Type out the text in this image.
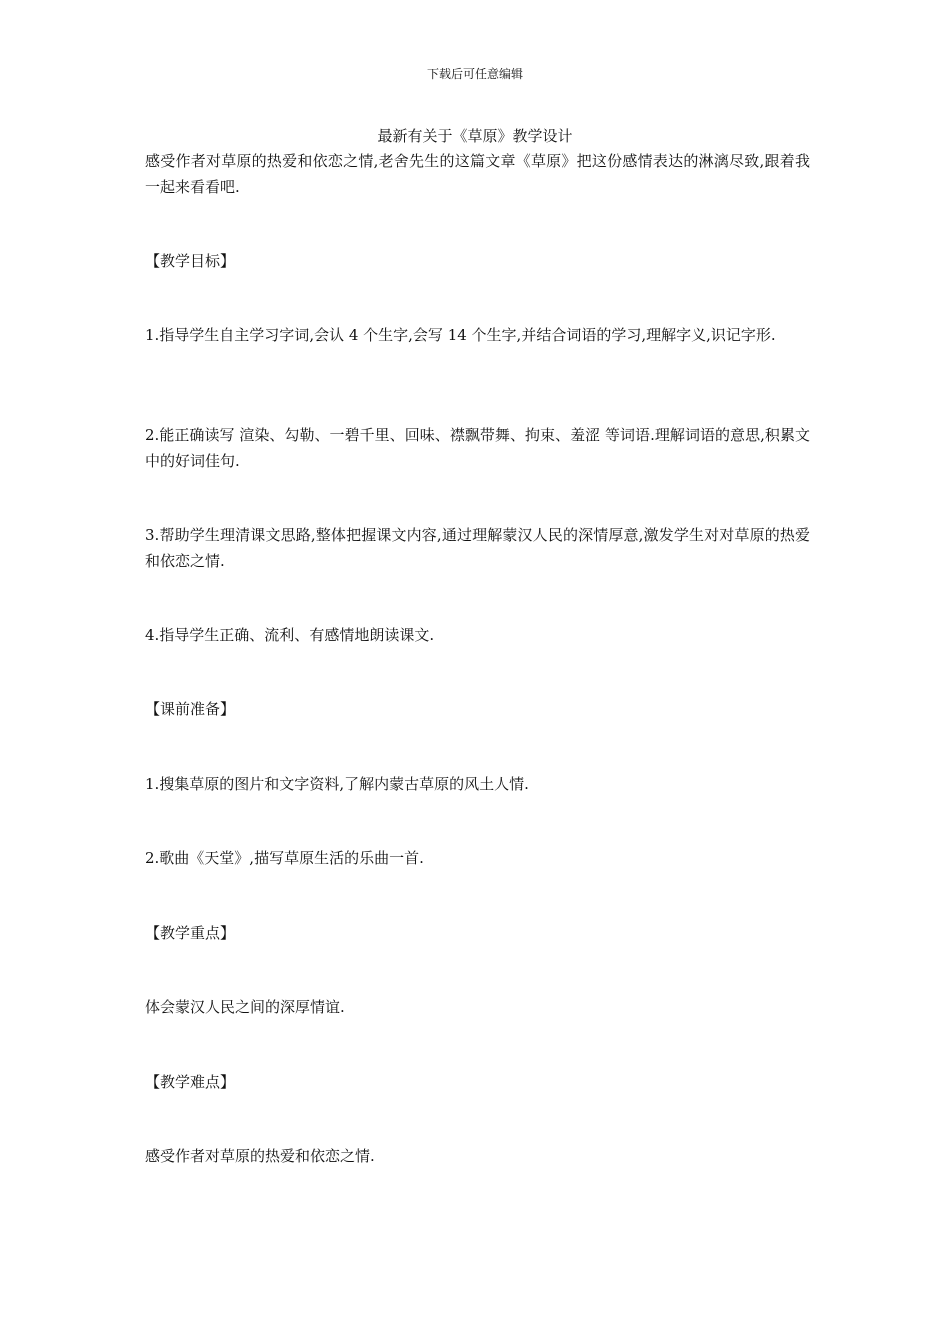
下载后可任意编辑
最新有关于《草原》教学设计
感受作者对草原的热爱和依恋之情,老舍先生的这篇文章《草原》把这份感情表达的淋漓尽致,跟着我一起来看看吧.
【教学目标】
1.指导学生自主学习字词,会认 4 个生字,会写 14 个生字,并结合词语的学习,理解字义,识记字形.
2.能正确读写 渲染、勾勒、一碧千里、回味、襟飘带舞、拘束、羞涩 等词语.理解词语的意思,积累文中的好词佳句.
3.帮助学生理清课文思路,整体把握课文内容,通过理解蒙汉人民的深情厚意,激发学生对对草原的热爱和依恋之情.
4.指导学生正确、流利、有感情地朗读课文.
【课前准备】
1.搜集草原的图片和文字资料,了解内蒙古草原的风土人情.
2.歌曲《天堂》,描写草原生活的乐曲一首.
【教学重点】
体会蒙汉人民之间的深厚情谊.
【教学难点】
感受作者对草原的热爱和依恋之情.
